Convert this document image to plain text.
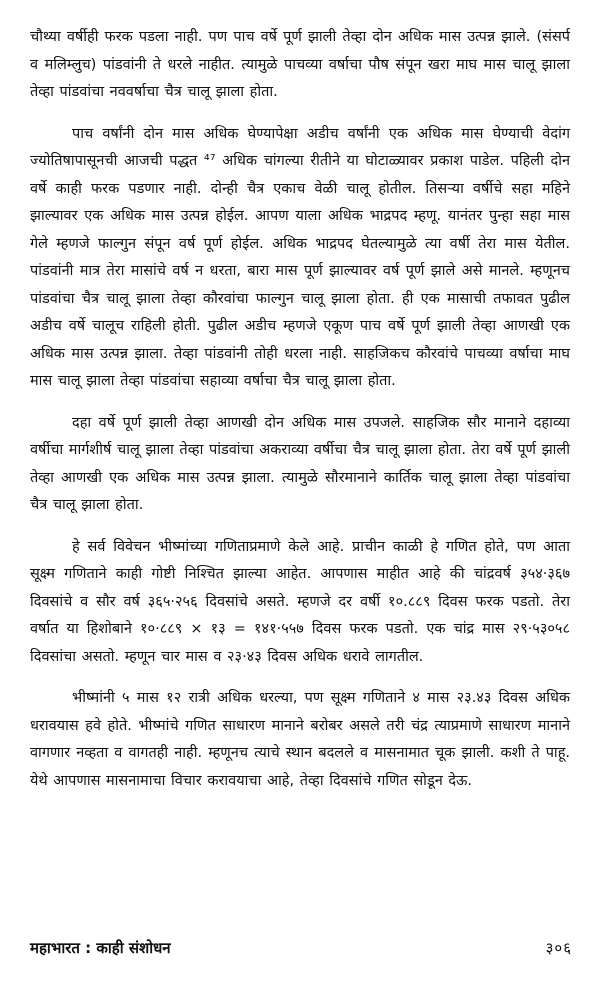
चौथ्या वर्षीही फरक पडला नाही. पण पाच वर्षे पूर्ण झाली तेव्हा दोन अधिक मास उत्पन्न झाले. (संसर्प व मलिम्लुच) पांडवांनी ते धरले नाहीत. त्यामुळे पाचव्या वर्षाचा पौष संपून खरा माघ मास चालू झाला तेव्हा पांडवांचा नववर्षाचा चैत्र चालू झाला होता.

पाच वर्षांनी दोन मास अधिक घेण्यापेक्षा अडीच वर्षांनी एक अधिक मास घेण्याची वेदांग ज्योतिषापासूनची आजची पद्धत ⁴⁷ अधिक चांगल्या रीतीने या घोटाळ्यावर प्रकाश पाडेल. पहिली दोन वर्षे काही फरक पडणार नाही. दोन्ही चैत्र एकाच वेळी चालू होतील. तिसऱ्या वर्षीचे सहा महिने झाल्यावर एक अधिक मास उत्पन्न होईल. आपण याला अधिक भाद्रपद म्हणू. यानंतर पुन्हा सहा मास गेले म्हणजे फाल्गुन संपून वर्ष पूर्ण होईल. अधिक भाद्रपद घेतल्यामुळे त्या वर्षी तेरा मास येतील. पांडवांनी मात्र तेरा मासांचे वर्ष न धरता, बारा मास पूर्ण झाल्यावर वर्ष पूर्ण झाले असे मानले. म्हणूनच पांडवांचा चैत्र चालू झाला तेव्हा कौरवांचा फाल्गुन चालू झाला होता. ही एक मासाची तफावत पुढील अडीच वर्षे चालूच राहिली होती. पुढील अडीच म्हणजे एकूण पाच वर्षे पूर्ण झाली तेव्हा आणखी एक अधिक मास उत्पन्न झाला. तेव्हा पांडवांनी तोही धरला नाही. साहजिकच कौरवांचे पाचव्या वर्षाचा माघ मास चालू झाला तेव्हा पांडवांचा सहाव्या वर्षाचा चैत्र चालू झाला होता.

दहा वर्षे पूर्ण झाली तेव्हा आणखी दोन अधिक मास उपजले. साहजिक सौर मानाने दहाव्या वर्षीचा मार्गशीर्ष चालू झाला तेव्हा पांडवांचा अकराव्या वर्षीचा चैत्र चालू झाला होता. तेरा वर्षे पूर्ण झाली तेव्हा आणखी एक अधिक मास उत्पन्न झाला. त्यामुळे सौरमानाने कार्तिक चालू झाला तेव्हा पांडवांचा चैत्र चालू झाला होता.

हे सर्व विवेचन भीष्मांच्या गणिताप्रमाणे केले आहे. प्राचीन काळी हे गणित होते, पण आता सूक्ष्म गणिताने काही गोष्टी निश्चित झाल्या आहेत. आपणास माहीत आहे की चांद्रवर्ष ३५४·३६७ दिवसांचे व सौर वर्ष ३६५·२५६ दिवसांचे असते. म्हणजे दर वर्षी १०.८८९ दिवस फरक पडतो. तेरा वर्षात या हिशोबाने १०·८८९ × १३ = १४१·५५७ दिवस फरक पडतो. एक चांद्र मास २९·५३०५८ दिवसांचा असतो. म्हणून चार मास व २३·४३ दिवस अधिक धरावे लागतील.

भीष्मांनी ५ मास १२ रात्री अधिक धरल्या, पण सूक्ष्म गणिताने ४ मास २३.४३ दिवस अधिक धरावयास हवे होते. भीष्मांचे गणित साधारण मानाने बरोबर असले तरी चंद्र त्याप्रमाणे साधारण मानाने वागणार नव्हता व वागतही नाही. म्हणूनच त्याचे स्थान बदलले व मासनामात चूक झाली. कशी ते पाहू. येथे आपणास मासनामाचा विचार करावयाचा आहे, तेव्हा दिवसांचे गणित सोडून देऊ.

महाभारत : काही संशोधन	३०६
